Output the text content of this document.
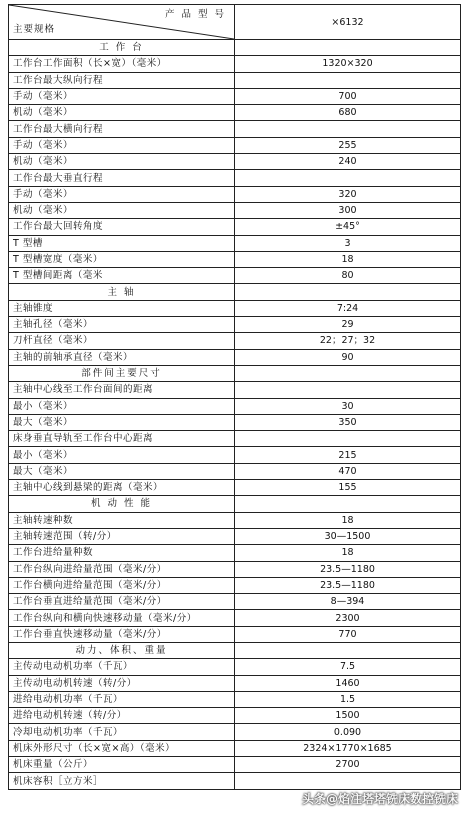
产 品 型 号
主要规格	×6132
工 作 台	
工作台工作面积（长×宽）（毫米）	1320×320
工作台最大纵向行程	
手动（毫米）	700
机动（毫米）	680
工作台最大横向行程	
手动（毫米）	255
机动（毫米）	240
工作台最大垂直行程	
手动（毫米）	320
机动（毫米）	300
工作台最大回转角度	±45°
T 型槽	3
T 型槽宽度（毫米）	18
T 型槽间距离（毫米	80
主 轴	
主轴锥度	7:24
主轴孔径（毫米）	29
刀杆直径（毫米）	22；27；32
主轴的前轴承直径（毫米）	90
部件间主要尺寸	
主轴中心线至工作台面间的距离	
最小（毫米）	30
最大（毫米）	350
床身垂直导轨至工作台中心距离	
最小（毫米）	215
最大（毫米）	470
主轴中心线到悬梁的距离（毫米）	155
机 动 性 能	
主轴转速种数	18
主轴转速范围（转/分）	30—1500
工作台进给量种数	18
工作台纵向进给量范围（毫米/分）	23.5—1180
工作台横向进给量范围（毫米/分）	23.5—1180
工作台垂直进给量范围（毫米/分）	8—394
工作台纵向和横向快速移动量（毫米/分）	2300
工作台垂直快速移动量（毫米/分）	770
动力、体积、重量	
主传动电动机功率（千瓦）	7.5
主传动电动机转速（转/分）	1460
进给电动机功率（千瓦）	1.5
进给电动机转速（转/分）	1500
冷却电动机功率（千瓦）	0.090
机床外形尺寸（长×宽×高）（毫米）	2324×1770×1685
机床重量（公斤）	2700
机床容积［立方米］	
头条@焰注塔塔铣床数控铣床
